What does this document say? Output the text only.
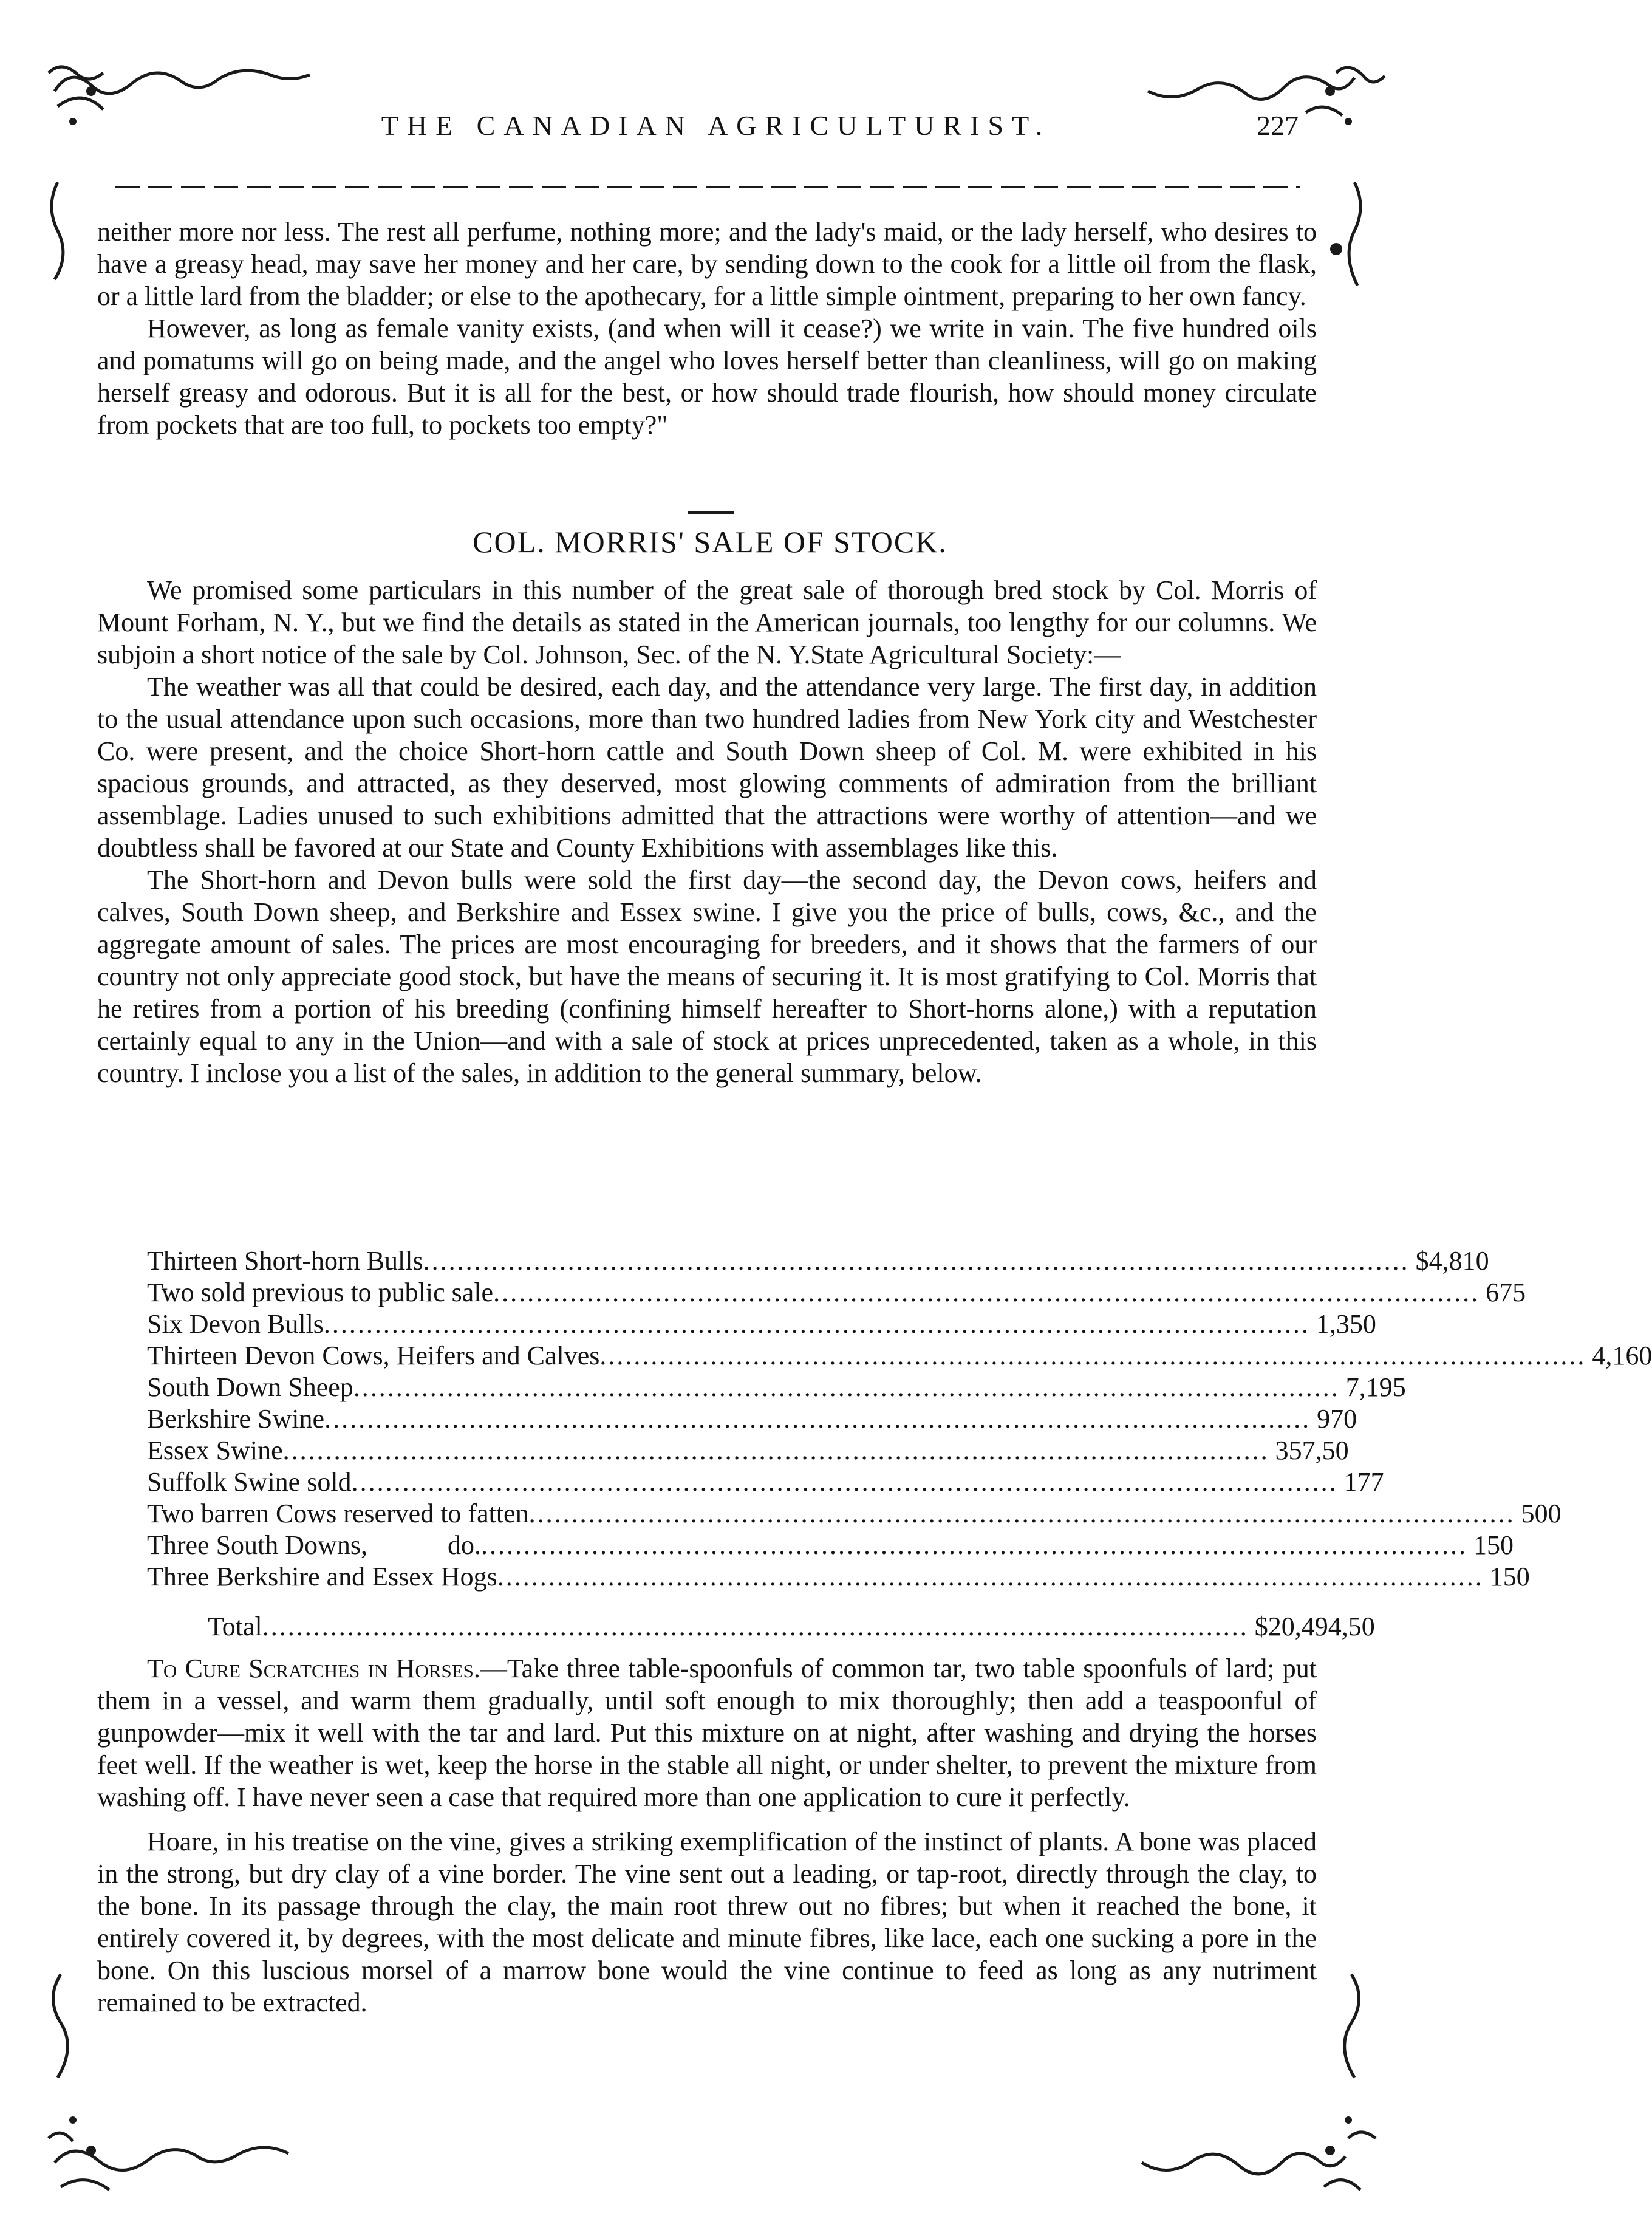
THE CANADIAN AGRICULTURIST.	227

neither more nor less. The rest all perfume, nothing more; and the lady's maid, or the lady herself, who desires to have a greasy head, may save her money and her care, by sending down to the cook for a little oil from the flask, or a little lard from the bladder; or else to the apothecary, for a little simple ointment, preparing to her own fancy.

However, as long as female vanity exists, (and when will it cease?) we write in vain. The five hundred oils and pomatums will go on being made, and the angel who loves herself better than cleanliness, will go on making herself greasy and odorous. But it is all for the best, or how should trade flourish, how should money circulate from pockets that are too full, to pockets too empty?"

COL. MORRIS' SALE OF STOCK.

We promised some particulars in this number of the great sale of thorough bred stock by Col. Morris of Mount Forham, N. Y., but we find the details as stated in the American journals, too lengthy for our columns. We subjoin a short notice of the sale by Col. Johnson, Sec. of the N. Y.State Agricultural Society:—

The weather was all that could be desired, each day, and the attendance very large. The first day, in addition to the usual attendance upon such occasions, more than two hundred ladies from New York city and Westchester Co. were present, and the choice Short-horn cattle and South Down sheep of Col. M. were exhibited in his spacious grounds, and attracted, as they deserved, most glowing comments of admiration from the brilliant assemblage. Ladies unused to such exhibitions admitted that the attractions were worthy of attention—and we doubtless shall be favored at our State and County Exhibitions with assemblages like this.

The Short-horn and Devon bulls were sold the first day—the second day, the Devon cows, heifers and calves, South Down sheep, and Berkshire and Essex swine. I give you the price of bulls, cows, &c., and the aggregate amount of sales. The prices are most encouraging for breeders, and it shows that the farmers of our country not only appreciate good stock, but have the means of securing it. It is most gratifying to Col. Morris that he retires from a portion of his breeding (confining himself hereafter to Short-horns alone,) with a reputation certainly equal to any in the Union—and with a sale of stock at prices unprecedented, taken as a whole, in this country. I inclose you a list of the sales, in addition to the general summary, below.

Thirteen Short-horn Bulls .................................................................................................................... $4,810
Two sold previous to public sale .................................................................................................................... 675
Six Devon Bulls .................................................................................................................... 1,350
Thirteen Devon Cows, Heifers and Calves .................................................................................................................... 4,160
South Down Sheep .................................................................................................................... 7,195
Berkshire Swine .................................................................................................................... 970
Essex Swine .................................................................................................................... 357,50
Suffolk Swine sold .................................................................................................................... 177
Two barren Cows reserved to fatten .................................................................................................................... 500
Three South Downs,            do. .................................................................................................................... 150
Three Berkshire and Essex Hogs .................................................................................................................... 150
Total .................................................................................................................... $20,494,50

To Cure Scratches in Horses.—Take three table-spoonfuls of common tar, two table spoonfuls of lard; put them in a vessel, and warm them gradually, until soft enough to mix thoroughly; then add a teaspoonful of gunpowder—mix it well with the tar and lard. Put this mixture on at night, after washing and drying the horses feet well. If the weather is wet, keep the horse in the stable all night, or under shelter, to prevent the mixture from washing off. I have never seen a case that required more than one application to cure it perfectly.

Hoare, in his treatise on the vine, gives a striking exemplification of the instinct of plants. A bone was placed in the strong, but dry clay of a vine border. The vine sent out a leading, or tap-root, directly through the clay, to the bone. In its passage through the clay, the main root threw out no fibres; but when it reached the bone, it entirely covered it, by degrees, with the most delicate and minute fibres, like lace, each one sucking a pore in the bone. On this luscious morsel of a marrow bone would the vine continue to feed as long as any nutriment remained to be extracted.
